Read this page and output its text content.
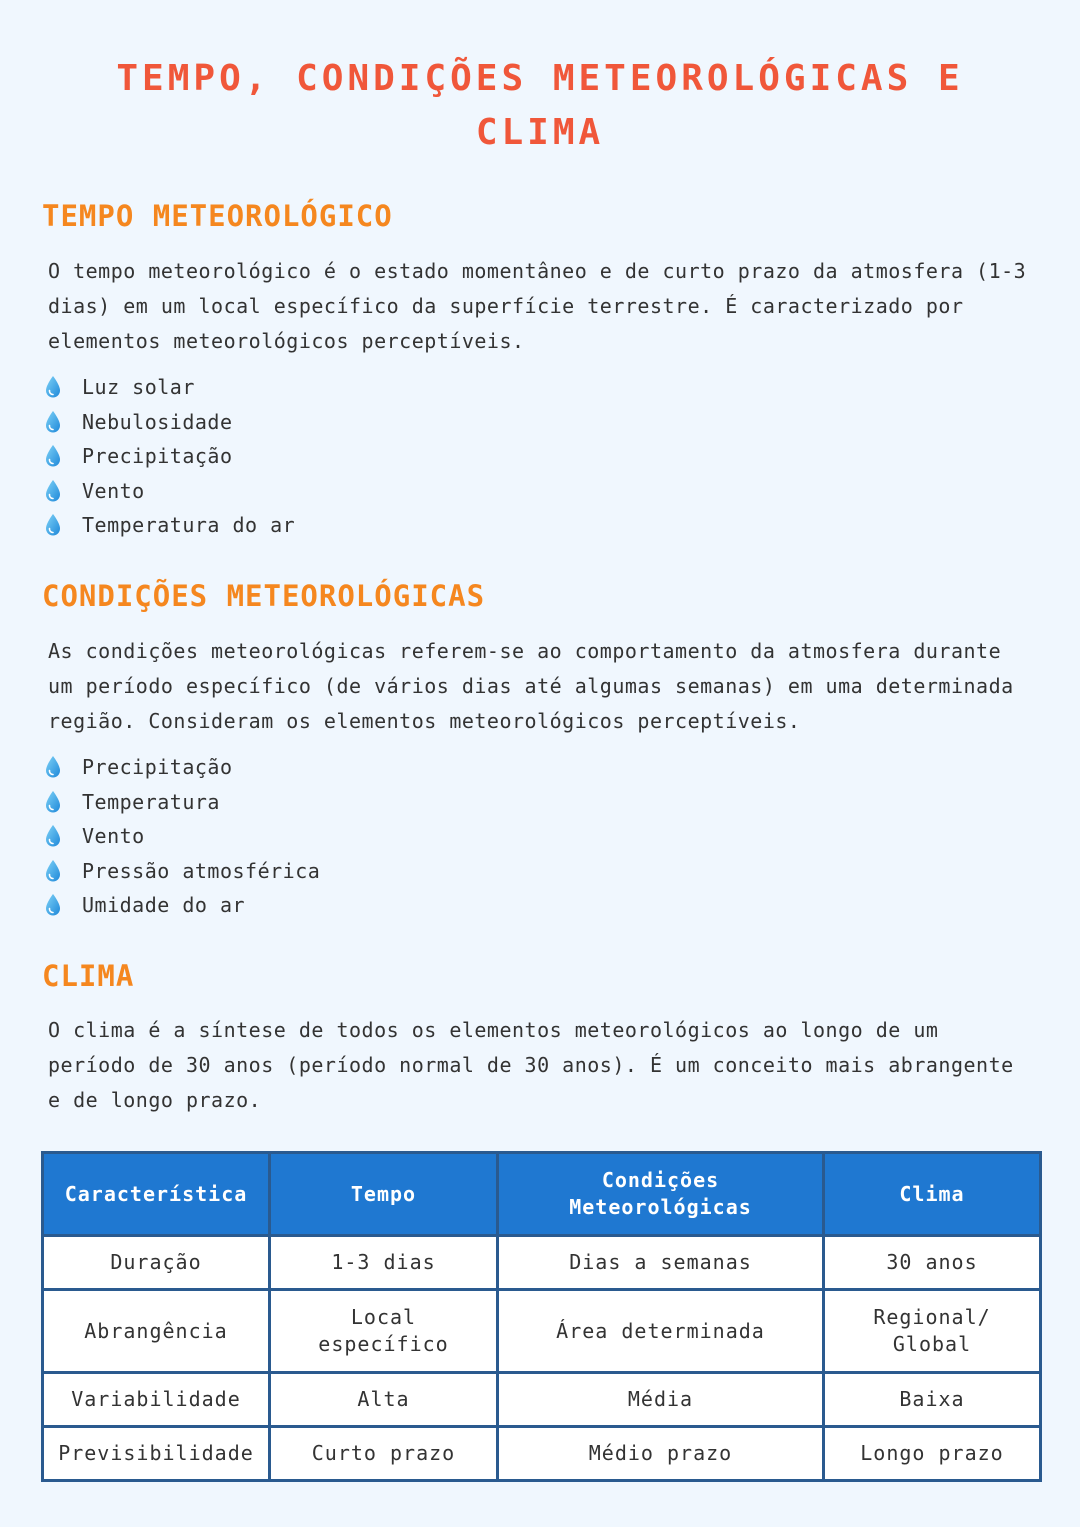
TEMPO, CONDIÇÕES METEOROLÓGICAS E CLIMA
TEMPO METEOROLÓGICO

O tempo meteorológico é o estado momentâneo e de curto prazo da atmosfera (1-3 dias) em um local específico da superfície terrestre. É caracterizado por elementos meteorológicos perceptíveis.

Luz solar
Nebulosidade
Precipitação
Vento
Temperatura do ar
CONDIÇÕES METEOROLÓGICAS

As condições meteorológicas referem-se ao comportamento da atmosfera durante um período específico (de vários dias até algumas semanas) em uma determinada região. Consideram os elementos meteorológicos perceptíveis.

Precipitação
Temperatura
Vento
Pressão atmosférica
Umidade do ar
CLIMA

O clima é a síntese de todos os elementos meteorológicos ao longo de um período de 30 anos (período normal de 30 anos). É um conceito mais abrangente e de longo prazo.

Característica	Tempo	Condições Meteorológicas	Clima
Duração	1-3 dias	Dias a semanas	30 anos
Abrangência	Local específico	Área determinada	Regional/ Global
Variabilidade	Alta	Média	Baixa
Previsibilidade	Curto prazo	Médio prazo	Longo prazo
